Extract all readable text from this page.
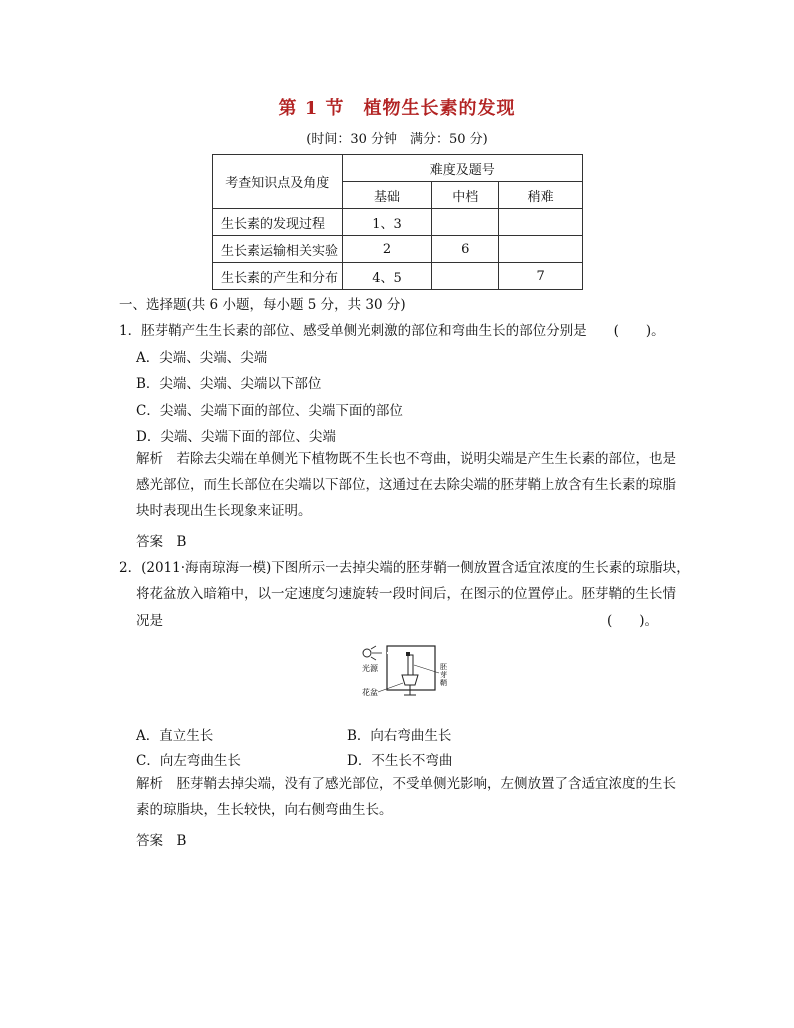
第 1 节　植物生长素的发现
(时间：30 分钟　满分：50 分)
考查知识点及角度	难度及题号		
	基础	中档	稍难
生长素的发现过程	1、3		
生长素运输相关实验	2	6	
生长素的产生和分布	4、5		7
一、选择题(共 6 小题，每小题 5 分，共 30 分)
1．胚芽鞘产生生长素的部位、感受单侧光刺激的部位和弯曲生长的部位分别是　　(　　)。
A．尖端、尖端、尖端
B．尖端、尖端、尖端以下部位
C．尖端、尖端下面的部位、尖端下面的部位
D．尖端、尖端下面的部位、尖端
解析　若除去尖端在单侧光下植物既不生长也不弯曲，说明尖端是产生生长素的部位，也是感光部位，而生长部位在尖端以下部位，这通过在去除尖端的胚芽鞘上放含有生长素的琼脂块时表现出生长现象来证明。
答案　B
2．(2011·海南琼海一模)下图所示一去掉尖端的胚芽鞘一侧放置含适宜浓度的生长素的琼脂块，
将花盆放入暗箱中，以一定速度匀速旋转一段时间后，在图示的位置停止。胚芽鞘的生长情
况是	(　　)。
光源
花盆
胚
芽
鞘
A．直立生长	B．向右弯曲生长
C．向左弯曲生长	D．不生长不弯曲
解析　胚芽鞘去掉尖端，没有了感光部位，不受单侧光影响，左侧放置了含适宜浓度的生长素的琼脂块，生长较快，向右侧弯曲生长。
答案　B
